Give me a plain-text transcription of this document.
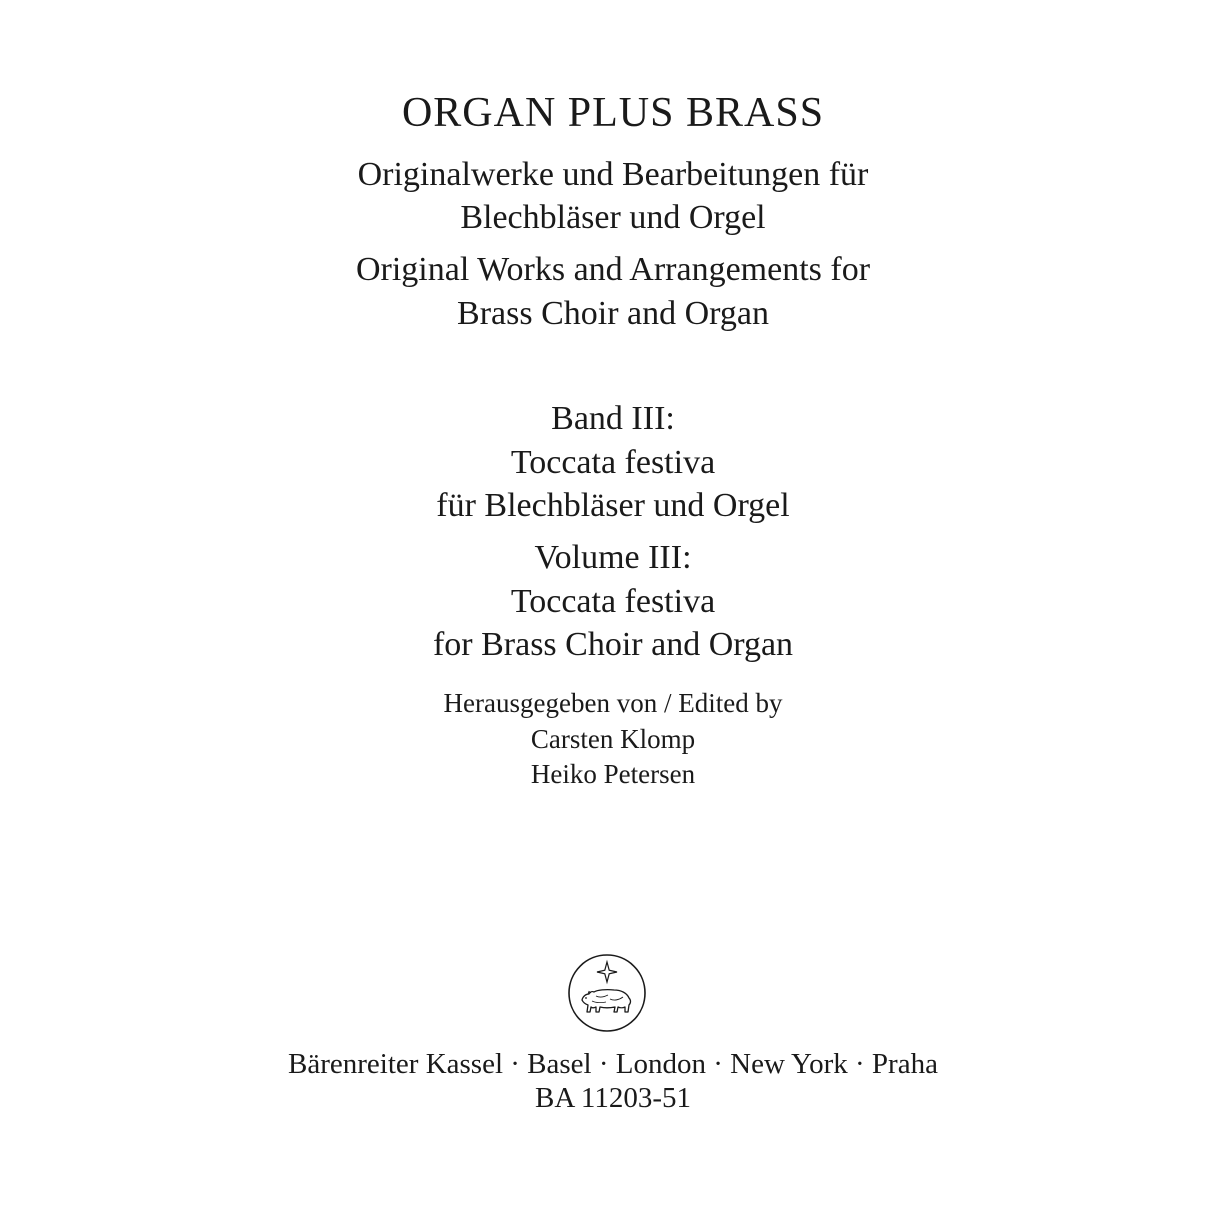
ORGAN PLUS BRASS
Originalwerke und Bearbeitungen für
Blechbläser und Orgel
Original Works and Arrangements for
Brass Choir and Organ
Band III:
Toccata festiva
für Blechbläser und Orgel
Volume III:
Toccata festiva
for Brass Choir and Organ
Herausgegeben von / Edited by
Carsten Klomp
Heiko Petersen
Bärenreiter Kassel · Basel · London · New York · Praha
BA 11203-51
